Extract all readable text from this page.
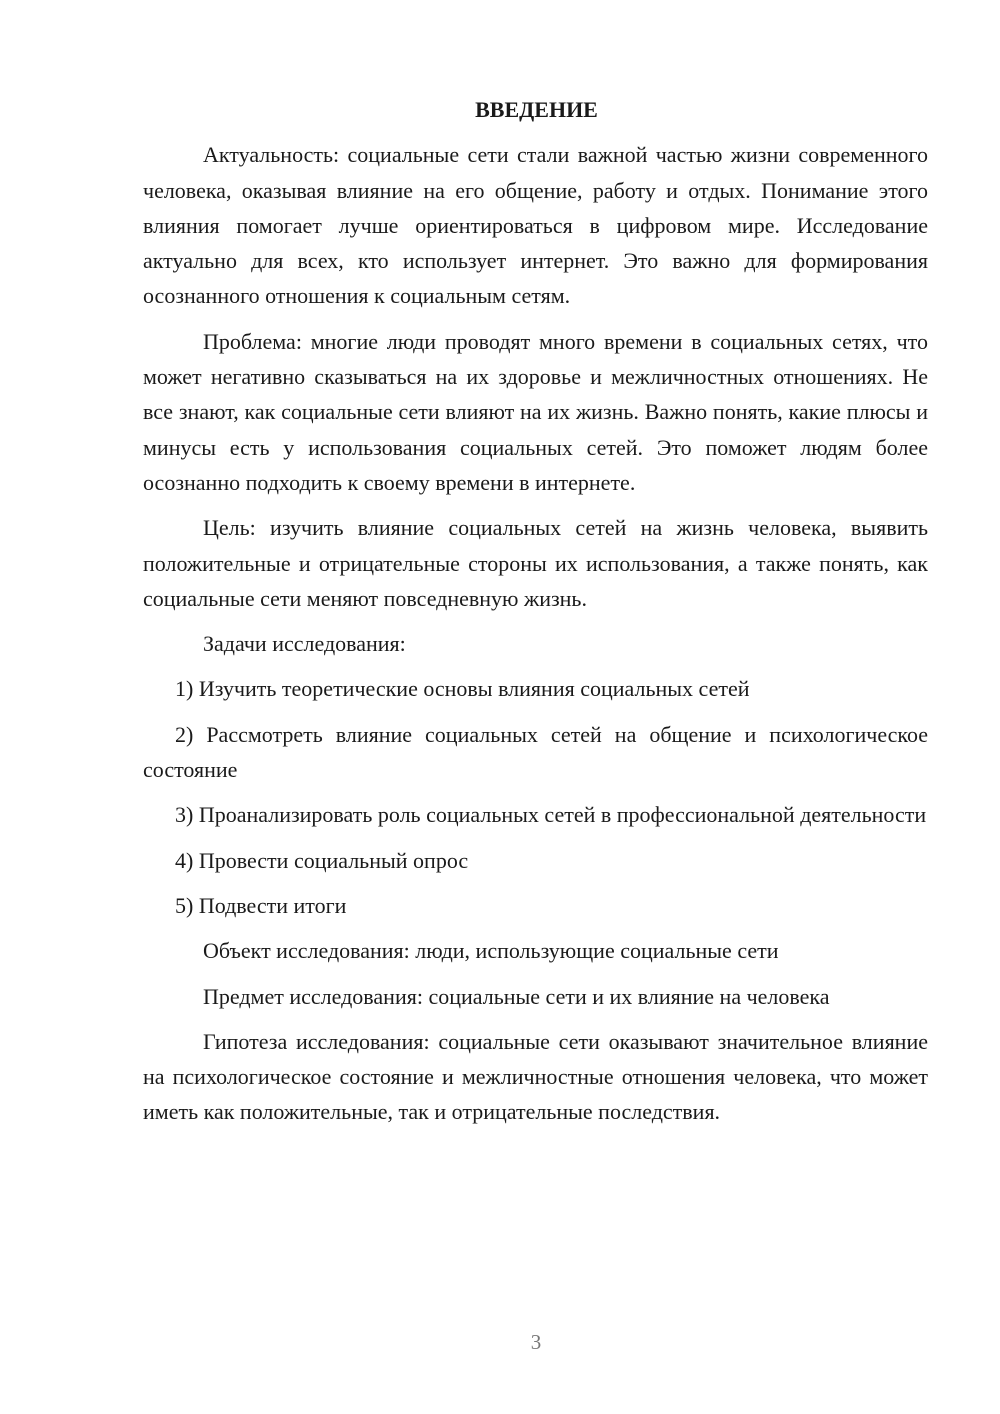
ВВЕДЕНИЕ

Актуальность: социальные сети стали важной частью жизни современного человека, оказывая влияние на его общение, работу и отдых. Понимание этого влияния помогает лучше ориентироваться в цифровом мире. Исследование актуально для всех, кто использует интернет. Это важно для формирования осознанного отношения к социальным сетям.

Проблема: многие люди проводят много времени в социальных сетях, что может негативно сказываться на их здоровье и межличностных отношениях. Не все знают, как социальные сети влияют на их жизнь. Важно понять, какие плюсы и минусы есть у использования социальных сетей. Это поможет людям более осознанно подходить к своему времени в интернете.

Цель: изучить влияние социальных сетей на жизнь человека, выявить положительные и отрицательные стороны их использования, а также понять, как социальные сети меняют повседневную жизнь.

Задачи исследования:

1) Изучить теоретические основы влияния социальных сетей

2) Рассмотреть влияние социальных сетей на общение и психологическое состояние

3) Проанализировать роль социальных сетей в профессиональной деятельности

4) Провести социальный опрос

5) Подвести итоги

Объект исследования: люди, использующие социальные сети

Предмет исследования: социальные сети и их влияние на человека

Гипотеза исследования: социальные сети оказывают значительное влияние на психологическое состояние и межличностные отношения человека, что может иметь как положительные, так и отрицательные последствия.

3
